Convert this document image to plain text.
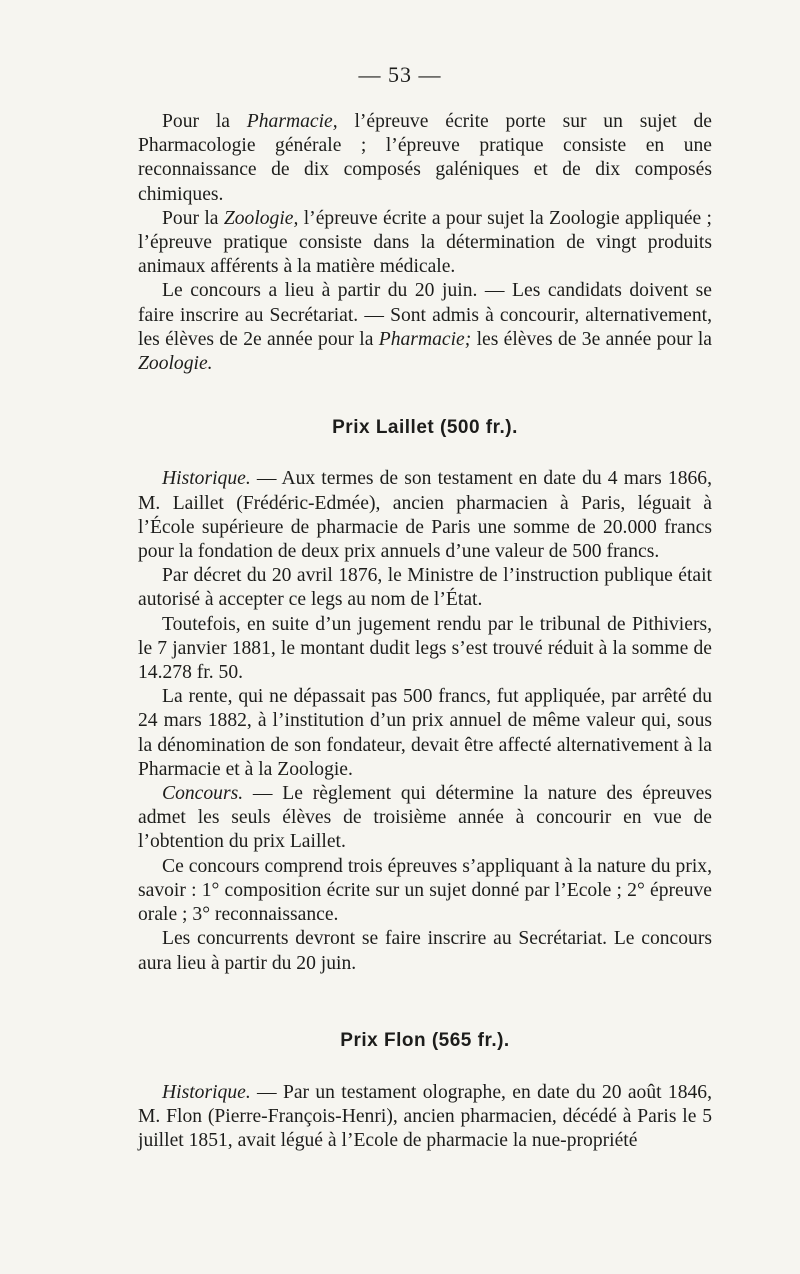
— 53 —

Pour la Pharmacie, l’épreuve écrite porte sur un sujet de Pharmacologie générale ; l’épreuve pratique consiste en une reconnaissance de dix composés galéniques et de dix composés chimiques.

Pour la Zoologie, l’épreuve écrite a pour sujet la Zoologie appliquée ; l’épreuve pratique consiste dans la détermination de vingt produits animaux afférents à la matière médicale.

Le concours a lieu à partir du 20 juin. — Les candidats doivent se faire inscrire au Secrétariat. — Sont admis à concourir, alternativement, les élèves de 2e année pour la Pharmacie; les élèves de 3e année pour la Zoologie.

Prix Laillet (500 fr.).

Historique. — Aux termes de son testament en date du 4 mars 1866, M. Laillet (Frédéric-Edmée), ancien pharmacien à Paris, léguait à l’École supérieure de pharmacie de Paris une somme de 20.000 francs pour la fondation de deux prix annuels d’une valeur de 500 francs.

Par décret du 20 avril 1876, le Ministre de l’instruction publique était autorisé à accepter ce legs au nom de l’État.

Toutefois, en suite d’un jugement rendu par le tribunal de Pithiviers, le 7 janvier 1881, le montant dudit legs s’est trouvé réduit à la somme de 14.278 fr. 50.

La rente, qui ne dépassait pas 500 francs, fut appliquée, par arrêté du 24 mars 1882, à l’institution d’un prix annuel de même valeur qui, sous la dénomination de son fondateur, devait être affecté alternativement à la Pharmacie et à la Zoologie.

Concours. — Le règlement qui détermine la nature des épreuves admet les seuls élèves de troisième année à concourir en vue de l’obtention du prix Laillet.

Ce concours comprend trois épreuves s’appliquant à la nature du prix, savoir : 1° composition écrite sur un sujet donné par l’Ecole ; 2° épreuve orale ; 3° reconnaissance.

Les concurrents devront se faire inscrire au Secrétariat. Le concours aura lieu à partir du 20 juin.

Prix Flon (565 fr.).

Historique. — Par un testament olographe, en date du 20 août 1846, M. Flon (Pierre-François-Henri), ancien pharmacien, décédé à Paris le 5 juillet 1851, avait légué à l’Ecole de pharmacie la nue-propriété
